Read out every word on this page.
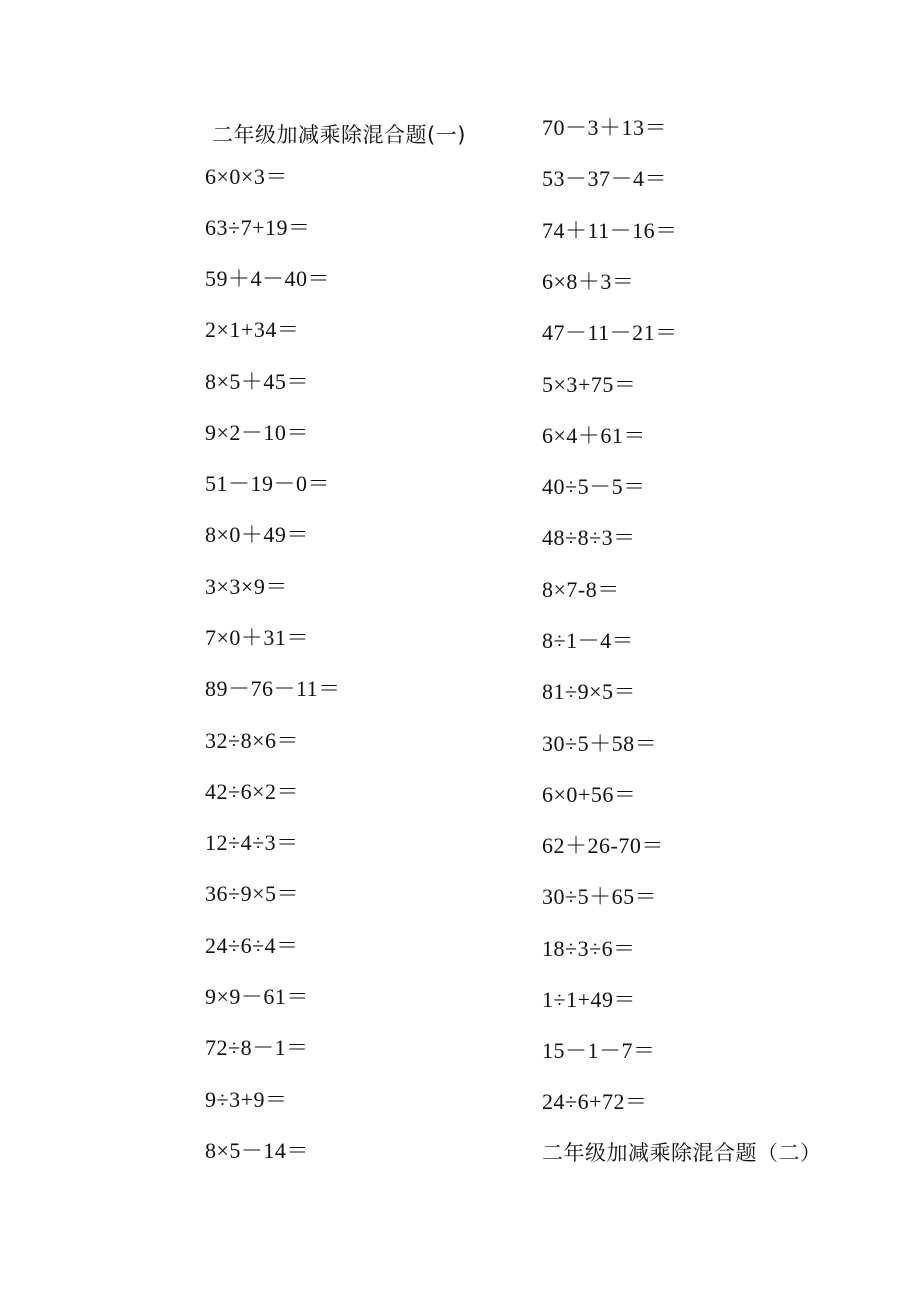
二年级加减乘除混合题(一)
6×0×3＝
63÷7+19＝
59＋4－40＝
2×1+34＝
8×5＋45＝
9×2－10＝
51－19－0＝
8×0＋49＝
3×3×9＝
7×0＋31＝
89－76－11＝
32÷8×6＝
42÷6×2＝
12÷4÷3＝
36÷9×5＝
24÷6÷4＝
9×9－61＝
72÷8－1＝
9÷3+9＝
8×5－14＝
70－3＋13＝
53－37－4＝
74＋11－16＝
6×8＋3＝
47－11－21＝
5×3+75＝
6×4＋61＝
40÷5－5＝
48÷8÷3＝
8×7-8＝
8÷1－4＝
81÷9×5＝
30÷5＋58＝
6×0+56＝
62＋26-70＝
30÷5＋65＝
18÷3÷6＝
1÷1+49＝
15－1－7＝
24÷6+72＝
二年级加减乘除混合题（二）
